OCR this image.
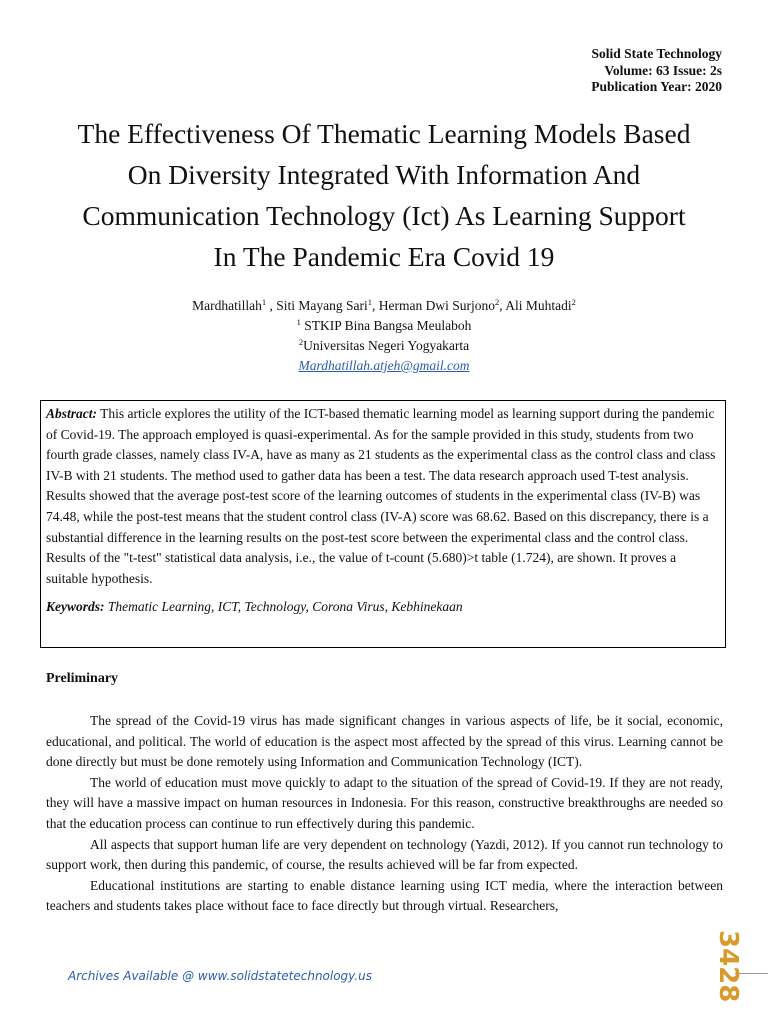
Solid State Technology
Volume: 63 Issue: 2s
Publication Year: 2020
The Effectiveness Of Thematic Learning Models Based
On Diversity Integrated With Information And
Communication Technology (Ict) As Learning Support
In The Pandemic Era Covid 19
Mardhatillah$^1$ , Siti Mayang Sari$^1$, Herman Dwi Surjono$^2$, Ali Muhtadi$^2$
$^1$ STKIP Bina Bangsa Meulaboh
$^2$Universitas Negeri Yogyakarta
Mardhatillah.atjeh@gmail.com
Abstract: This article explores the utility of the ICT-based thematic learning model as learning support during the pandemic of Covid-19. The approach employed is quasi-experimental. As for the sample provided in this study, students from two fourth grade classes, namely class IV-A, have as many as 21 students as the experimental class as the control class and class IV-B with 21 students. The method used to gather data has been a test. The data research approach used T-test analysis. Results showed that the average post-test score of the learning outcomes of students in the experimental class (IV-B) was 74.48, while the post-test means that the student control class (IV-A) score was 68.62. Based on this discrepancy, there is a substantial difference in the learning results on the post-test score between the experimental class and the control class. Results of the "t-test" statistical data analysis, i.e., the value of t-count (5.680)>t table (1.724), are shown. It proves a suitable hypothesis.
Keywords: Thematic Learning, ICT, Technology, Corona Virus, Kebhinekaan
Preliminary

The spread of the Covid-19 virus has made significant changes in various aspects of life, be it social, economic, educational, and political. The world of education is the aspect most affected by the spread of this virus. Learning cannot be done directly but must be done remotely using Information and Communication Technology (ICT).

The world of education must move quickly to adapt to the situation of the spread of Covid-19. If they are not ready, they will have a massive impact on human resources in Indonesia. For this reason, constructive breakthroughs are needed so that the education process can continue to run effectively during this pandemic.

All aspects that support human life are very dependent on technology (Yazdi, 2012). If you cannot run technology to support work, then during this pandemic, of course, the results achieved will be far from expected.

Educational institutions are starting to enable distance learning using ICT media, where the interaction between teachers and students takes place without face to face directly but through virtual. Researchers,

Archives Available @ www.solidstatetechnology.us	3428
